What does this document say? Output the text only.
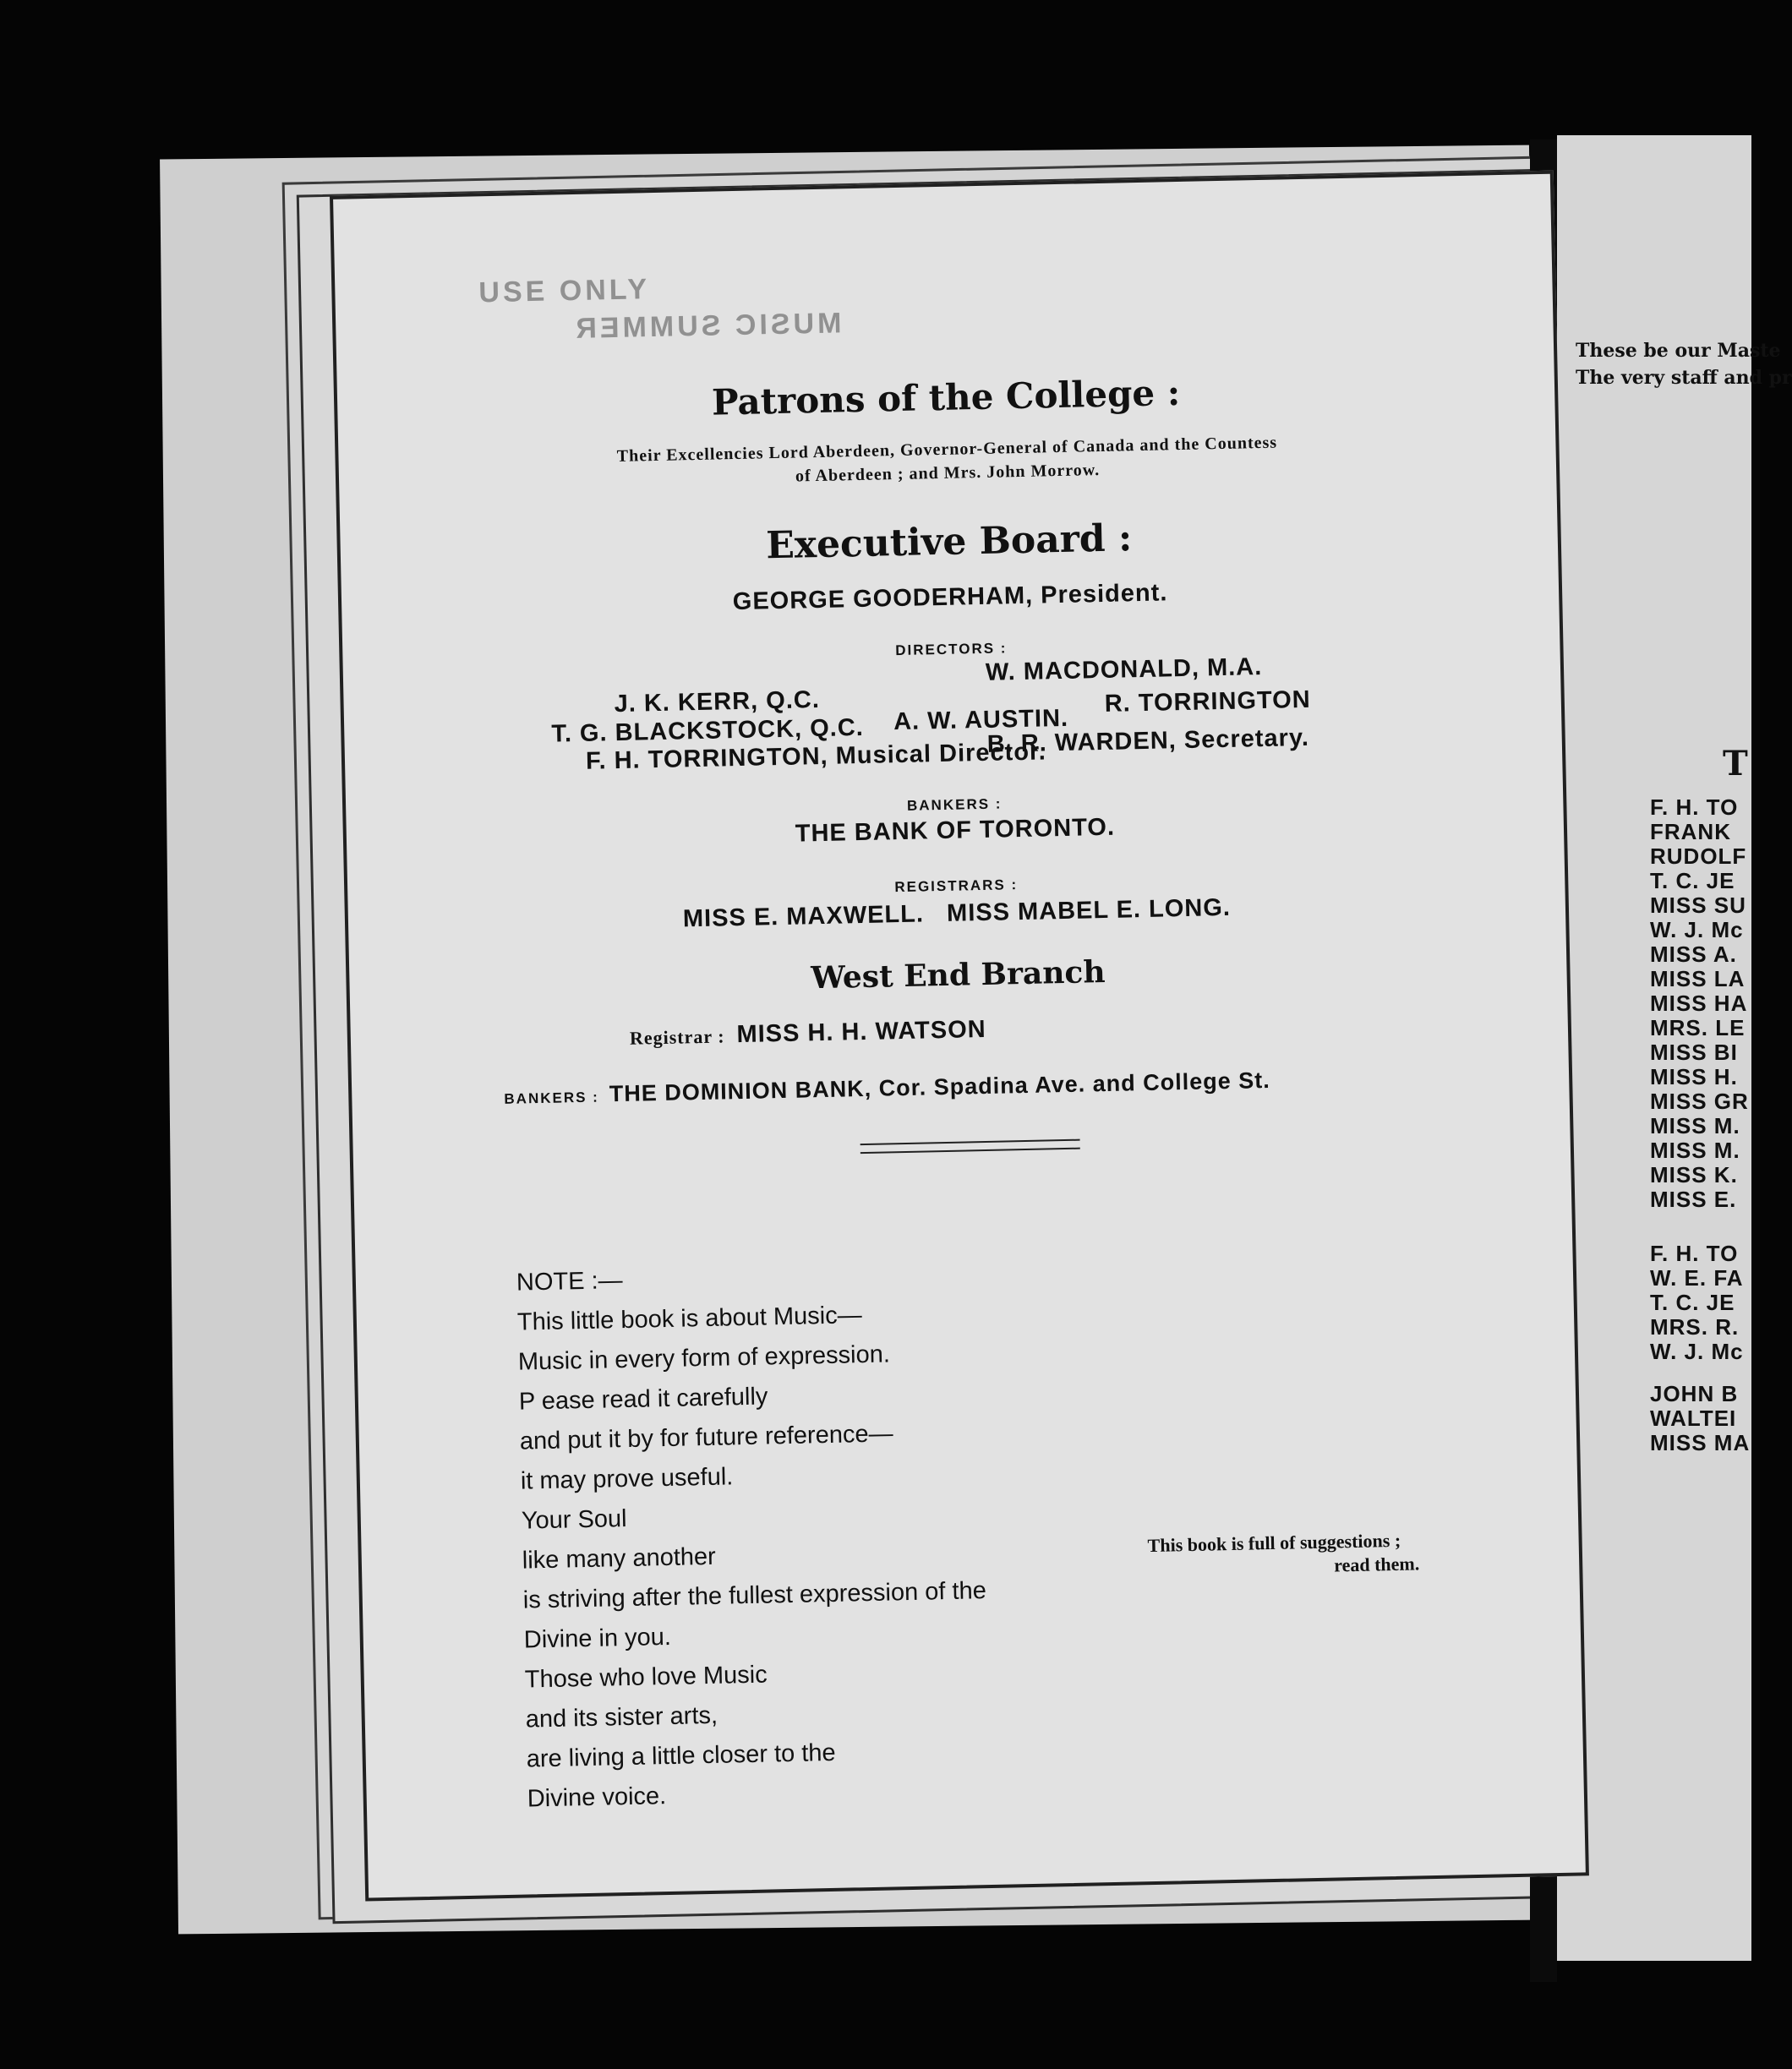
These be our Maste
The very staff and pr
T
F. H. TO
FRANK
RUDOLF
T. C. JE
MISS SU
W. J. Mc
MISS A.
MISS LA
MISS HA
MRS. LE
MISS BI
MISS H.
MISS GR
MISS M.
MISS M.
MISS K.
MISS E.
F. H. TO
W. E. FA
T. C. JE
MRS. R.
W. J. Mc
JOHN B
WALTEI
MISS MA
USE ONLY
MUSIC SUMMER
Patrons of the College :
Their Excellencies Lord Aberdeen, Governor-General of Canada and the Countess
of Aberdeen ; and Mrs. John Morrow.
Executive Board :
GEORGE GOODERHAM, President.
DIRECTORS :
W. MACDONALD, M.A.
J. K. KERR, Q.C.
T. G. BLACKSTOCK, Q.C. A. W. AUSTIN.
R. TORRINGTON
F. H. TORRINGTON, Musical Director.
B. R. WARDEN, Secretary.
BANKERS :
THE BANK OF TORONTO.
REGISTRARS :
MISS E. MAXWELL.   MISS MABEL E. LONG.
West End Branch
Registrar : MISS H. H. WATSON
BANKERS : THE DOMINION BANK, Cor. Spadina Ave. and College St.
NOTE :—
This little book is about Music—
Music in every form of expression.
P ease read it carefully
and put it by for future reference—
it may prove useful.
Your Soul
like many another
is striving after the fullest expression of the
Divine in you.
Those who love Music
and its sister arts,
are living a little closer to the
Divine voice.
This book is full of suggestions ;
read them.
